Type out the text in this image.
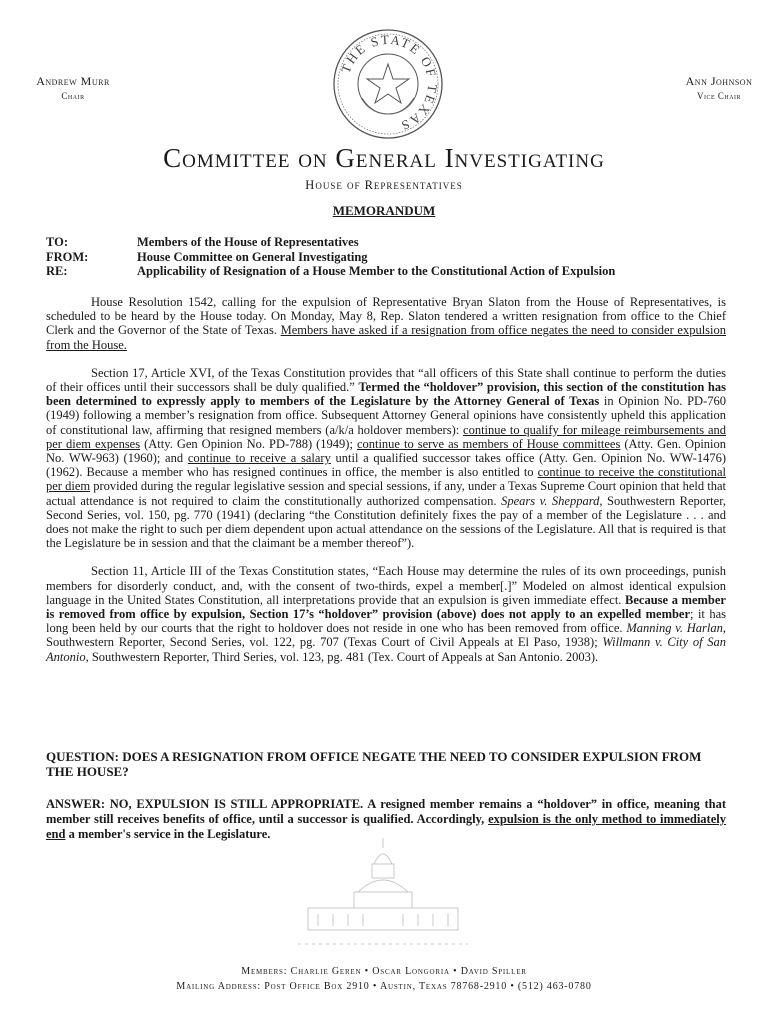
Andrew Murr
Chair
THE STATE OF TEXAS
Ann Johnson
Vice Chair
Committee on General Investigating
House of Representatives
MEMORANDUM
TO:	Members of the House of Representatives
FROM:	House Committee on General Investigating
RE:	Applicability of Resignation of a House Member to the Constitutional Action of Expulsion

House Resolution 1542, calling for the expulsion of Representative Bryan Slaton from the House of Representatives, is scheduled to be heard by the House today. On Monday, May 8, Rep. Slaton tendered a written resignation from office to the Chief Clerk and the Governor of the State of Texas. Members have asked if a resignation from office negates the need to consider expulsion from the House.

Section 17, Article XVI, of the Texas Constitution provides that “all officers of this State shall continue to perform the duties of their offices until their successors shall be duly qualified.” Termed the “holdover” provision, this section of the constitution has been determined to expressly apply to members of the Legislature by the Attorney General of Texas in Opinion No. PD-760 (1949) following a member’s resignation from office. Subsequent Attorney General opinions have consistently upheld this application of constitutional law, affirming that resigned members (a/k/a holdover members): continue to qualify for mileage reimbursements and per diem expenses (Atty. Gen Opinion No. PD-788) (1949); continue to serve as members of House committees (Atty. Gen. Opinion No. WW-963) (1960); and continue to receive a salary until a qualified successor takes office (Atty. Gen. Opinion No. WW-1476) (1962). Because a member who has resigned continues in office, the member is also entitled to continue to receive the constitutional per diem provided during the regular legislative session and special sessions, if any, under a Texas Supreme Court opinion that held that actual attendance is not required to claim the constitutionally authorized compensation. Spears v. Sheppard, Southwestern Reporter, Second Series, vol. 150, pg. 770 (1941) (declaring “the Constitution definitely fixes the pay of a member of the Legislature . . . and does not make the right to such per diem dependent upon actual attendance on the sessions of the Legislature. All that is required is that the Legislature be in session and that the claimant be a member thereof”).

Section 11, Article III of the Texas Constitution states, “Each House may determine the rules of its own proceedings, punish members for disorderly conduct, and, with the consent of two-thirds, expel a member[.]” Modeled on almost identical expulsion language in the United States Constitution, all interpretations provide that an expulsion is given immediate effect. Because a member is removed from office by expulsion, Section 17’s “holdover” provision (above) does not apply to an expelled member; it has long been held by our courts that the right to holdover does not reside in one who has been removed from office. Manning v. Harlan, Southwestern Reporter, Second Series, vol. 122, pg. 707 (Texas Court of Civil Appeals at El Paso, 1938); Willmann v. City of San Antonio, Southwestern Reporter, Third Series, vol. 123, pg. 481 (Tex. Court of Appeals at San Antonio. 2003).

QUESTION: DOES A RESIGNATION FROM OFFICE NEGATE THE NEED TO CONSIDER EXPULSION FROM THE HOUSE?
ANSWER: NO, EXPULSION IS STILL APPROPRIATE. A resigned member remains a “holdover” in office, meaning that member still receives benefits of office, until a successor is qualified. Accordingly, expulsion is the only method to immediately end a member's service in the Legislature.
Members: Charlie Geren • Oscar Longoria • David Spiller
Mailing Address: Post Office Box 2910 • Austin, Texas 78768-2910 • (512) 463-0780
